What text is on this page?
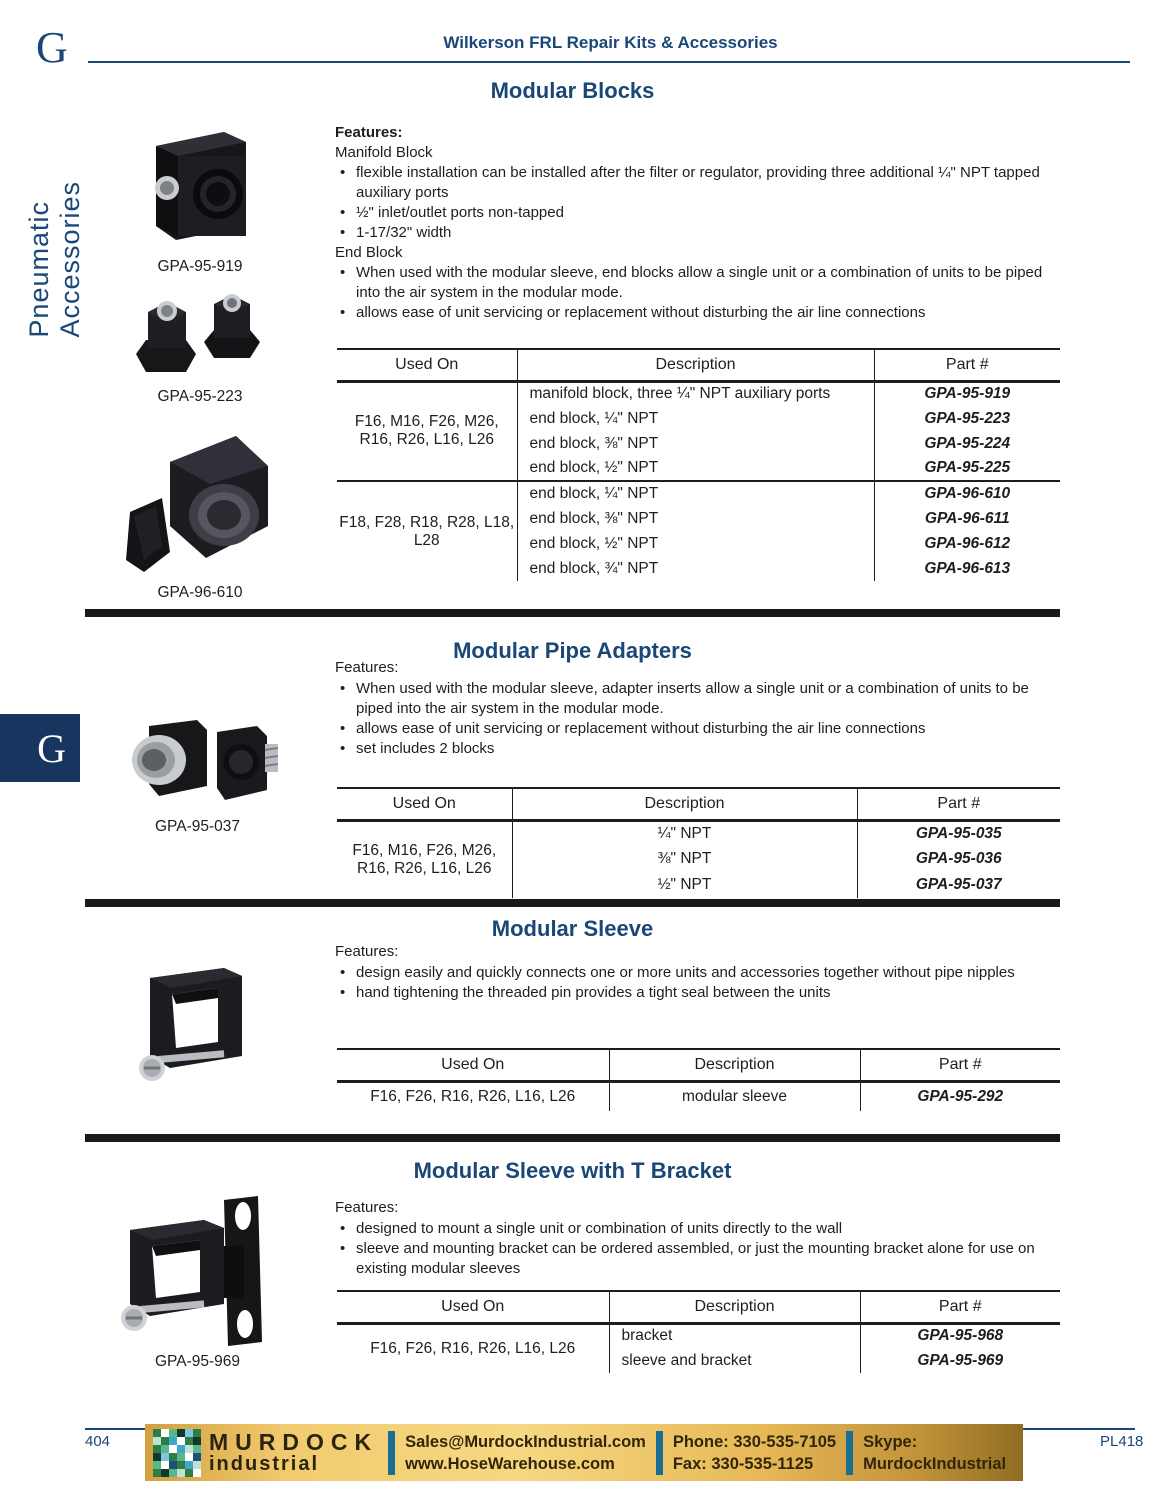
G	Wilkerson FRL Repair Kits & Accessories
Pneumatic Accessories
G
Modular Blocks
GPA-95-919
GPA-95-223
GPA-96-610
Features:
Manifold Block
• flexible installation can be installed after the filter or regulator, providing three additional ¼" NPT tapped auxiliary ports
• ½" inlet/outlet ports non-tapped
• 1-17/32" width
End Block
• When used with the modular sleeve, end blocks allow a single unit or a combination of units to be piped into the air system in the modular mode.
• allows ease of unit servicing or replacement without disturbing the air line connections
Used On	Description	Part #
F16, M16, F26, M26, R16, R26, L16, L26	manifold block, three ¼" NPT auxiliary ports	GPA-95-919
	end block, ¼" NPT	GPA-95-223
	end block, ⅜" NPT	GPA-95-224
	end block, ½" NPT	GPA-95-225
F18, F28, R18, R28, L18, L28	end block, ¼" NPT	GPA-96-610
	end block, ⅜" NPT	GPA-96-611
	end block, ½" NPT	GPA-96-612
	end block, ¾" NPT	GPA-96-613
Modular Pipe Adapters
Features:
• When used with the modular sleeve, adapter inserts allow a single unit or a combination of units to be piped into the air system in the modular mode.
• allows ease of unit servicing or replacement without disturbing the air line connections
• set includes 2 blocks
GPA-95-037
Used On	Description	Part #
F16, M16, F26, M26, R16, R26, L16, L26	¼" NPT	GPA-95-035
	⅜" NPT	GPA-95-036
	½" NPT	GPA-95-037
Modular Sleeve
Features:
• design easily and quickly connects one or more units and accessories together without pipe nipples
• hand tightening the threaded pin provides a tight seal between the units
Used On	Description	Part #
F16, F26, R16, R26, L16, L26	modular sleeve	GPA-95-292
Modular Sleeve with T Bracket
Features:
• designed to mount a single unit or combination of units directly to the wall
• sleeve and mounting bracket can be ordered assembled, or just the mounting bracket alone for use on existing modular sleeves
GPA-95-969
Used On	Description	Part #
F16, F26, R16, R26, L16, L26	bracket	GPA-95-968
	sleeve and bracket	GPA-95-969
404	PL418
MURDOCK
industrial
Sales@MurdockIndustrial.com
www.HoseWarehouse.com
Phone: 330-535-7105
Fax: 330-535-1125
Skype:
MurdockIndustrial
